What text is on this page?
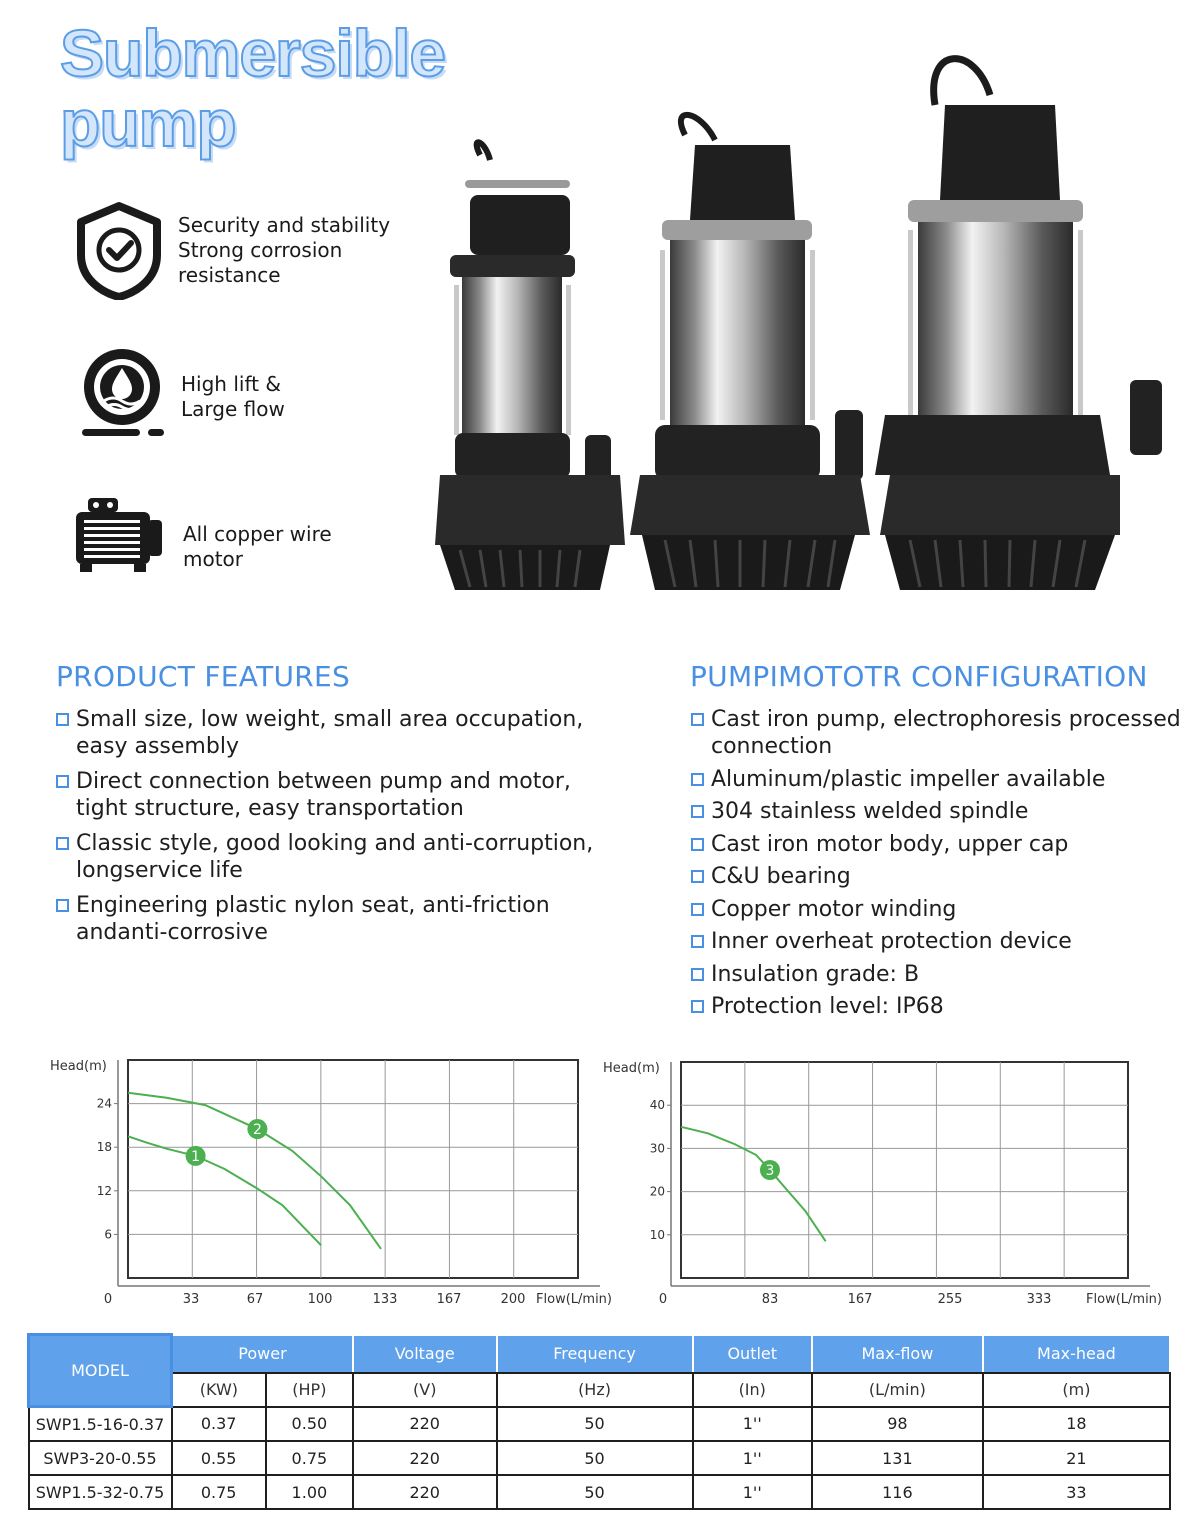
Submersible
pump
Security and stability
Strong corrosion
resistance
High lift &
Large flow
All copper wire
motor
PRODUCT FEATURES
Small size, low weight, small area occupation,
easy assembly
Direct connection between pump and motor,
tight structure, easy transportation
Classic style, good looking and anti-corruption,
longservice life
Engineering plastic nylon seat, anti-friction
andanti-corrosive
PUMPIMOTOTR CONFIGURATION
Cast iron pump, electrophoresis processed
connection
Aluminum/plastic impeller available
304 stainless welded spindle
Cast iron motor body, upper cap
C&U bearing
Copper motor winding
Inner overheat protection device
Insulation grade: B
Protection level: IP68
Head(m)
6
12
18
24
0	33	67	100	133	167	200 Flow(L/min)
1
2
Head(m)
10
20
30
40
0	83	167	255	333	Flow(L/min)
3
MODEL	Power		Voltage	Frequency	Outlet	Max-flow	Max-head
	(KW)	(HP)	(V)	(Hz)	(In)	(L/min)	(m)
SWP1.5-16-0.37	0.37	0.50	220	50	1''	98	18
SWP3-20-0.55	0.55	0.75	220	50	1''	131	21
SWP1.5-32-0.75	0.75	1.00	220	50	1''	116	33
